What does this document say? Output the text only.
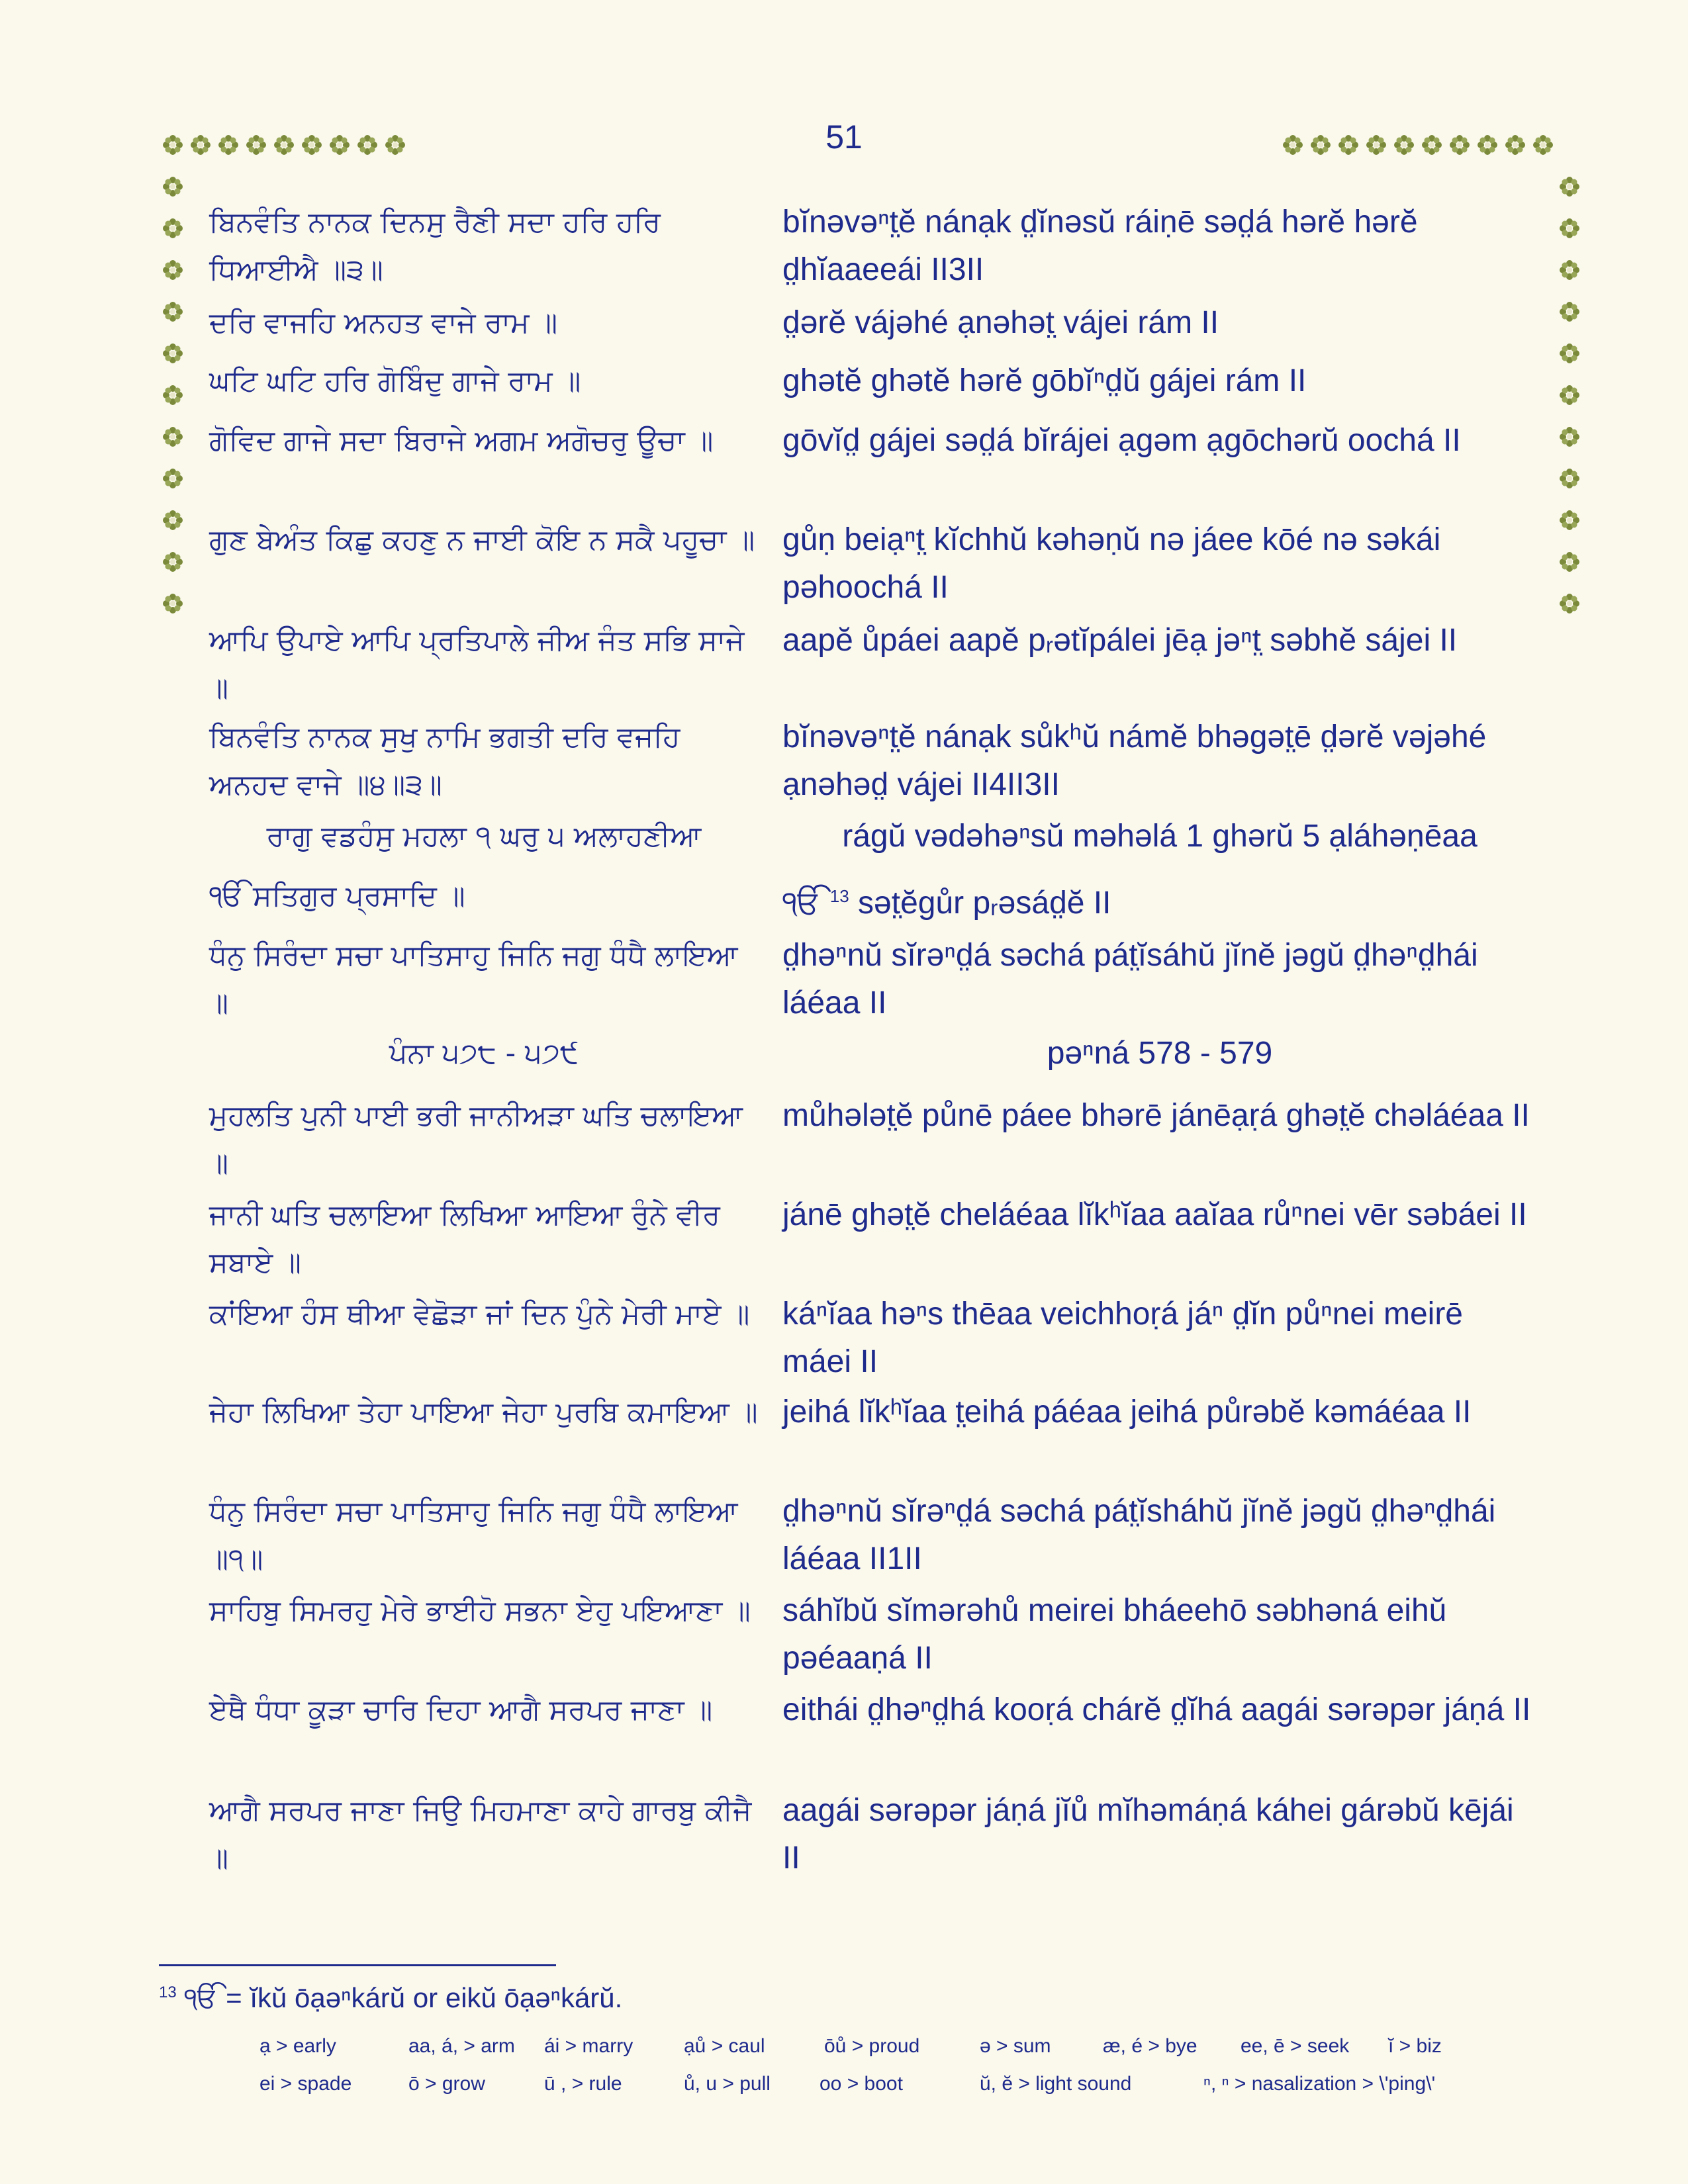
51
ਬਿਨਵੰਤਿ ਨਾਨਕ ਦਿਨਸੁ ਰੈਣੀ ਸਦਾ ਹਰਿ ਹਰਿ ਧਿਆਈਐ ॥੩॥
bĭnəvəⁿt̤ĕ nánạk d̤ĭnəsŭ ráiṇē səd̤á hərĕ hərĕ d̤hĭaaeeái II3II
ਦਰਿ ਵਾਜਹਿ ਅਨਹਤ ਵਾਜੇ ਰਾਮ ॥	d̤ərĕ vájəhé ạnəhət̤ vájei rám II
ਘਟਿ ਘਟਿ ਹਰਿ ਗੋਬਿੰਦੁ ਗਾਜੇ ਰਾਮ ॥	ghətĕ ghətĕ hərĕ gōbĭⁿd̤ŭ gájei rám II
ਗੋਵਿਦ ਗਾਜੇ ਸਦਾ ਬਿਰਾਜੇ ਅਗਮ ਅਗੋਚਰੁ ਊਚਾ ॥	gōvĭd̤ gájei səd̤á bĭrájei ạgəm ạgōchərŭ oochá II
ਗੁਣ ਬੇਅੰਤ ਕਿਛੁ ਕਹਣੁ ਨ ਜਾਈ ਕੋਇ ਨ ਸਕੈ ਪਹੂਚਾ ॥ gůṇ beiạⁿt̤ kĭchhŭ kəhəṇŭ nə jáee kōé nə səkái pəhoochá II
ਆਪਿ ਉਪਾਏ ਆਪਿ ਪ੍ਰਤਿਪਾਲੇ ਜੀਅ ਜੰਤ ਸਭਿ ਸਾਜੇ ॥
aapĕ ůpáei aapĕ pᵣətĭpálei jēạ jəⁿt̤ səbhĕ sájei II
ਬਿਨਵੰਤਿ ਨਾਨਕ ਸੁਖੁ ਨਾਮਿ ਭਗਤੀ ਦਰਿ ਵਜਹਿ ਅਨਹਦ ਵਾਜੇ ॥੪॥੩॥
bĭnəvəⁿt̤ĕ nánạk sůkʰŭ námĕ bhəgət̤ē d̤ərĕ vəjəhé ạnəhəd̤ vájei II4II3II
ਰਾਗੁ ਵਡਹੰਸੁ ਮਹਲਾ ੧ ਘਰੁ ੫ ਅਲਾਹਣੀਆ	rágŭ vədəhəⁿsŭ məhəlá 1 ghərŭ 5 ạláhəṇēaa
ੴ ਸਤਿਗੁਰ ਪ੍ਰਸਾਦਿ ॥	ੴ $^{13}$ sət̤ĕgůr pᵣəsád̤ĕ II
ਧੰਨੁ ਸਿਰੰਦਾ ਸਚਾ ਪਾਤਿਸਾਹੁ ਜਿਨਿ ਜਗੁ ਧੰਧੈ ਲਾਇਆ ॥
d̤həⁿnŭ sĭrəⁿd̤á səchá pát̤ĭsáhŭ jĭnĕ jəgŭ d̤həⁿd̤hái láéaa II
ਪੰਨਾ ੫੭੮ - ੫੭੯	pəⁿná 578 - 579
ਮੁਹਲਤਿ ਪੁਨੀ ਪਾਈ ਭਰੀ ਜਾਨੀਅੜਾ ਘਤਿ ਚਲਾਇਆ ॥
můhələt̤ĕ půnē páee bhərē jánēạṛá ghət̤ĕ chəláéaa II
ਜਾਨੀ ਘਤਿ ਚਲਾਇਆ ਲਿਖਿਆ ਆਇਆ ਰੁੰਨੇ ਵੀਰ ਸਬਾਏ ॥
jánē ghət̤ĕ cheláéaa lĭkʰĭaa aaĭaa růⁿnei vēr səbáei II
ਕਾਂਇਆ ਹੰਸ ਥੀਆ ਵੇਛੋੜਾ ਜਾਂ ਦਿਨ ਪੁੰਨੇ ਮੇਰੀ ਮਾਏ ॥ káⁿĭaa həⁿs thēaa veichhoṛá jáⁿ d̤ĭn půⁿnei meirē máei II
ਜੇਹਾ ਲਿਖਿਆ ਤੇਹਾ ਪਾਇਆ ਜੇਹਾ ਪੁਰਬਿ ਕਮਾਇਆ ॥ jeihá lĭkʰĭaa t̤eihá páéaa jeihá půrəbĕ kəmáéaa II
ਧੰਨੁ ਸਿਰੰਦਾ ਸਚਾ ਪਾਤਿਸਾਹੁ ਜਿਨਿ ਜਗੁ ਧੰਧੈ ਲਾਇਆ ॥੧॥
d̤həⁿnŭ sĭrəⁿd̤á səchá pát̤ĭsháhŭ jĭnĕ jəgŭ d̤həⁿd̤hái láéaa II1II
ਸਾਹਿਬੁ ਸਿਮਰਹੁ ਮੇਰੇ ਭਾਈਹੋ ਸਭਨਾ ਏਹੁ ਪਇਆਣਾ ॥ sáhĭbŭ sĭmərəhů meirei bháeehō səbhəná eihŭ pəéaaṇá II
ਏਥੈ ਧੰਧਾ ਕੂੜਾ ਚਾਰਿ ਦਿਹਾ ਆਗੈ ਸਰਪਰ ਜਾਣਾ ॥	eithái d̤həⁿd̤há kooṛá chárĕ d̤ĭhá aagái sərəpər jáṇá II
ਆਗੈ ਸਰਪਰ ਜਾਣਾ ਜਿਉ ਮਿਹਮਾਣਾ ਕਾਹੇ ਗਾਰਬੁ ਕੀਜੈ ॥
aagái sərəpər jáṇá jĭů mĭhəmáṇá káhei gárəbŭ kējái II
$^{13}$ ੴ = ĭkŭ ōạəⁿkárŭ or eikŭ ōạəⁿkárŭ.
ạ > early	aa, á, > arm ái > marry	ạů > caul	ōů > proud	ə > sum	æ, é > bye ee, ē > seek ĭ > biz
ei > spade	ō > grow	ū , > rule	ů, u > pull oo > boot	ŭ, ĕ > light sound	ⁿ, ⁿ > nasalization > \'ping\'
